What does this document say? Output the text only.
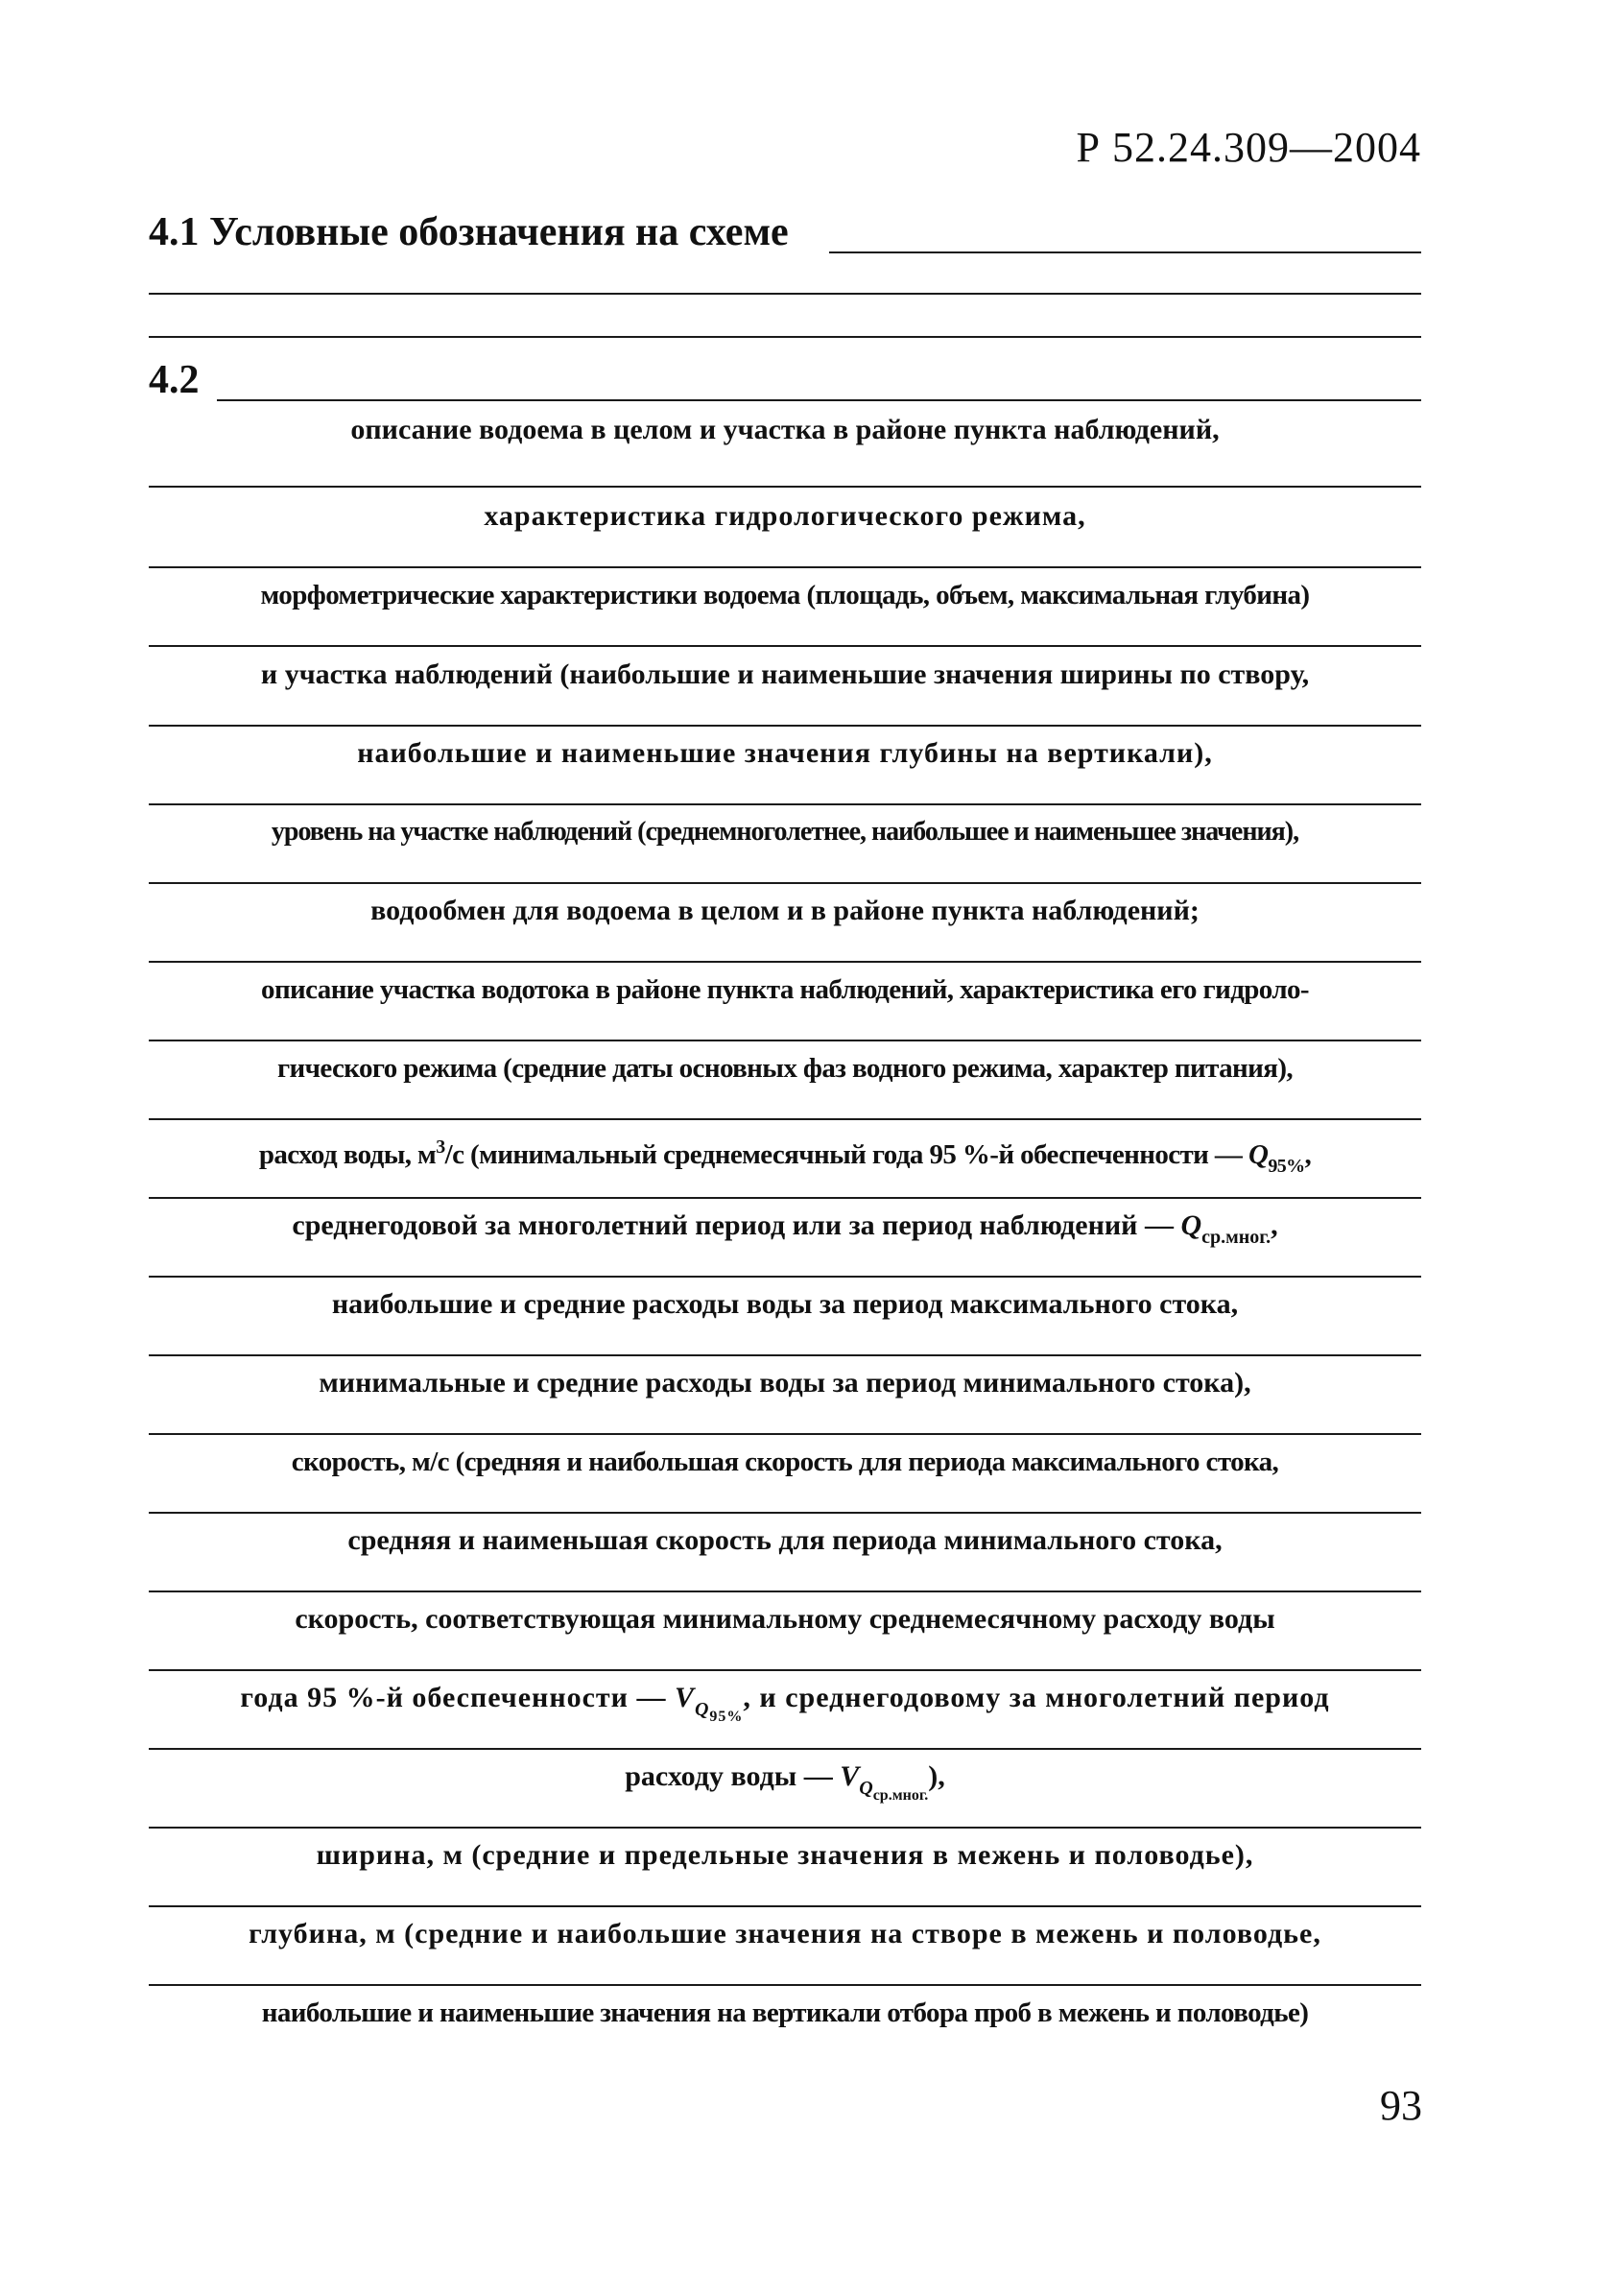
Р 52.24.309—2004
4.1 Условные обозначения на схеме
4.2
описание водоема в целом и участка в районе пункта наблюдений,
характеристика гидрологического режима,
морфометрические характеристики водоема (площадь, объем, максимальная глубина)
и участка наблюдений (наибольшие и наименьшие значения ширины по створу,
наибольшие и наименьшие значения глубины на вертикали),
уровень на участке наблюдений (среднемноголетнее, наибольшее и наименьшее значения),
водообмен для водоема в целом и в районе пункта наблюдений;
описание участка водотока в районе пункта наблюдений, характеристика его гидроло-
гического режима (средние даты основных фаз водного режима, характер питания),
расход воды, $м^3/с$ (минимальный среднемесячный года 95 %-й обеспеченности — $Q_{95\%}$,
среднегодовой за многолетний период или за период наблюдений — $Q_{ср.мног.}$,
наибольшие и средние расходы воды за период максимального стока,
минимальные и средние расходы воды за период минимального стока),
скорость, м/с (средняя и наибольшая скорость для периода максимального стока,
средняя и наименьшая скорость для периода минимального стока,
скорость, соответствующая минимальному среднемесячному расходу воды
года 95 %-й обеспеченности — $V_{Q_{95\%}}$, и среднегодовому за многолетний период
расходу воды — $V_{Q_{ср.мног.}}$),
ширина, м (средние и предельные значения в межень и половодье),
глубина, м (средние и наибольшие значения на створе в межень и половодье,
наибольшие и наименьшие значения на вертикали отбора проб в межень и половодье)
93
